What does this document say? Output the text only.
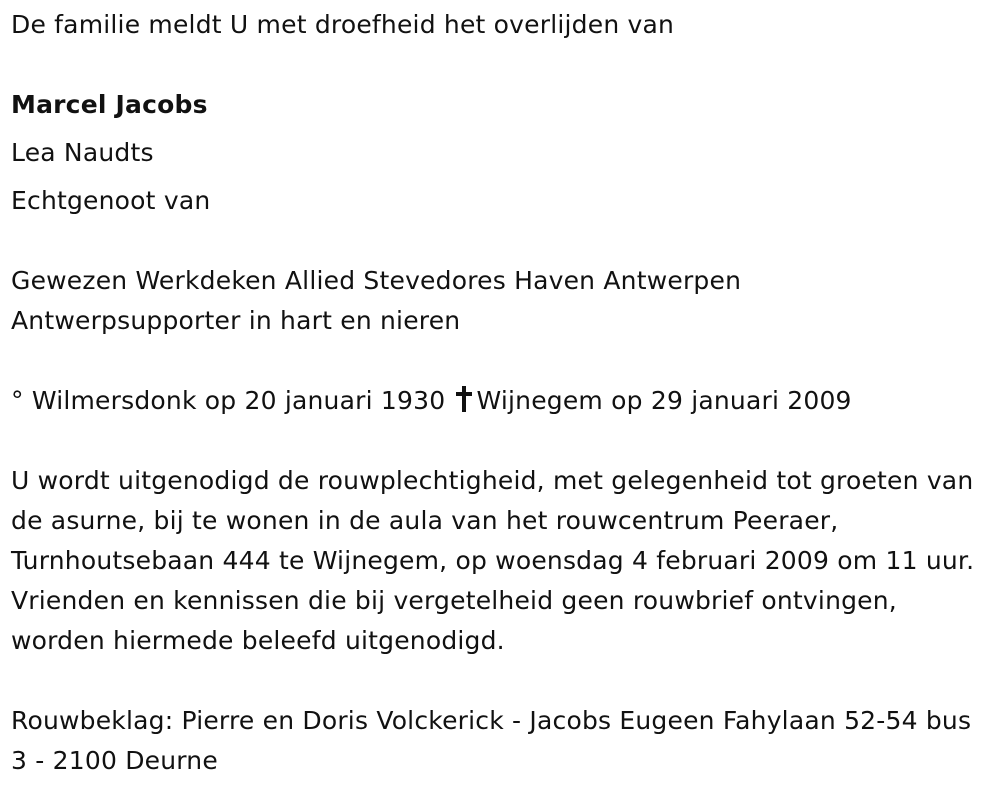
De familie meldt U met droefheid het overlijden van

Marcel Jacobs

Lea Naudts

Echtgenoot van

Gewezen Werkdeken Allied Stevedores Haven Antwerpen

Antwerpsupporter in hart en nieren

° Wilmersdonk op 20 januari 1930 Wijnegem op 29 januari 2009

U wordt uitgenodigd de rouwplechtigheid, met gelegenheid tot groeten van de asurne, bij te wonen in de aula van het rouwcentrum Peeraer, Turnhoutsebaan 444 te Wijnegem, op woensdag 4 februari 2009 om 11 uur. Vrienden en kennissen die bij vergetelheid geen rouwbrief ontvingen, worden hiermede beleefd uitgenodigd.

Rouwbeklag: Pierre en Doris Volckerick - Jacobs Eugeen Fahylaan 52-54 bus 3 - 2100 Deurne
